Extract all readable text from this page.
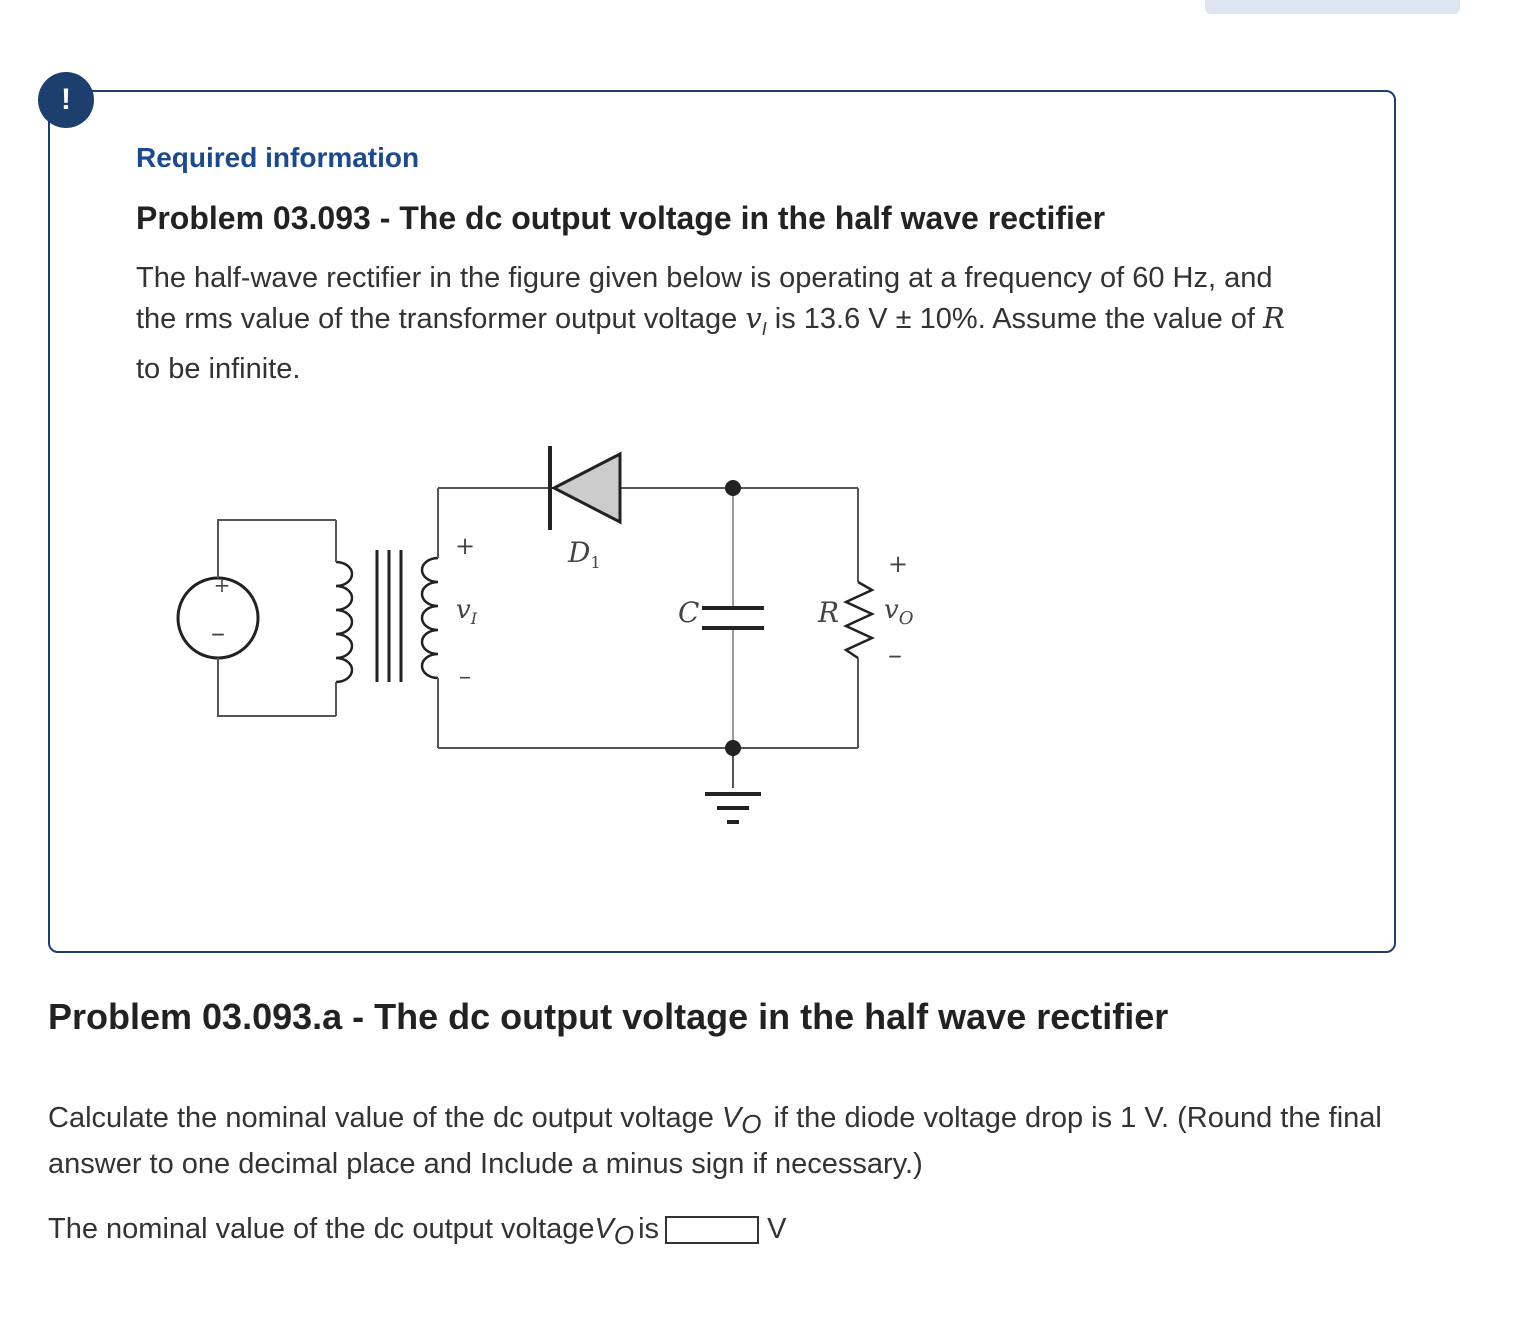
!
Required information
Problem 03.093 - The dc output voltage in the half wave rectifier
The half-wave rectifier in the figure given below is operating at a frequency of 60 Hz, and the rms value of the transformer output voltage $v_I$ is 13.6 V ± 10%. Assume the value of R to be infinite.
+
–
+
–
$v_I$
$D_1$
C	R
+
–
$v_O$
Problem 03.093.a - The dc output voltage in the half wave rectifier
Calculate the nominal value of the dc output voltage VO if the diode voltage drop is 1 V. (Round the final answer to one decimal place and Include a minus sign if necessary.)
The nominal value of the dc output voltage V O is	V
